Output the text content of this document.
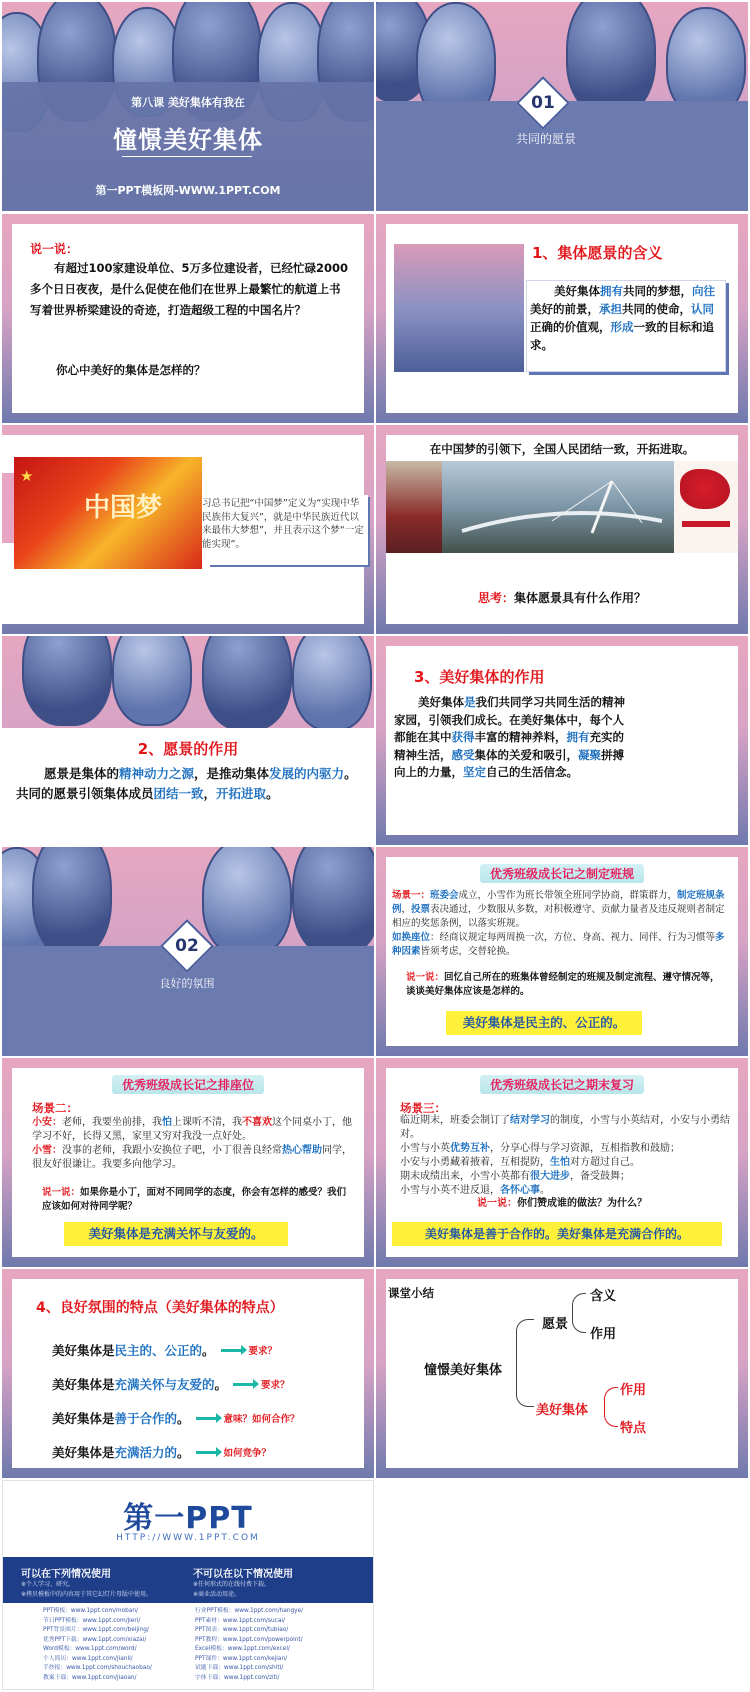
第八课 美好集体有我在
憧憬美好集体
第一PPT模板网-WWW.1PPT.COM
01
共同的愿景
说一说：
有超过100家建设单位、5万多位建设者，已经忙碌2000多个日日夜夜，是什么促使在他们在世界上最繁忙的航道上书写着世界桥梁建设的奇迹，打造超级工程的中国名片？
你心中美好的集体是怎样的？
1、集体愿景的含义
美好集体拥有共同的梦想，向往美好的前景，承担共同的使命，认同正确的价值观，形成一致的目标和追求。
★
中国梦	习总书记把“中国梦”定义为“实现中华民族伟大复兴”，就是中华民族近代以来最伟大梦想”，并且表示这个梦“一定能实现”。
在中国梦的引领下，全国人民团结一致，开拓进取。
思考：集体愿景具有什么作用？
2、愿景的作用
愿景是集体的精神动力之源，是推动集体发展的内驱力。共同的愿景引领集体成员团结一致，开拓进取。
3、美好集体的作用
美好集体是我们共同学习共同生活的精神家园，引领我们成长。在美好集体中，每个人都能在其中获得丰富的精神养料，拥有充实的精神生活，感受集体的关爱和吸引，凝聚拼搏向上的力量，坚定自己的生活信念。
02
良好的氛围
优秀班级成长记之制定班规
场景一：班委会成立，小雪作为班长带领全班同学协商，群策群力，制定班规条例，投票表决通过，少数服从多数，对积极遵守、贡献力量者及违反规则者制定相应的奖惩条例，以落实班规。
如换座位：经商议规定每两周换一次，方位、身高、视力、同伴、行为习惯等多种因素皆须考虑，交替轮换。
说一说：回忆自己所在的班集体曾经制定的班规及制定流程、遵守情况等，谈谈美好集体应该是怎样的。
美好集体是民主的、公正的。
优秀班级成长记之排座位
场景二：
小安：老师，我要坐前排，我怕上课听不清，我不喜欢这个同桌小丁，他学习不好，长得又黑，家里又穷对我没一点好处。
小雪：没事的老师，我跟小安换位子吧，小丁很善良经常热心帮助同学，很友好很谦让。我要多向他学习。
说一说：如果你是小丁，面对不同同学的态度，你会有怎样的感受？我们应该如何对待同学呢？
美好集体是充满关怀与友爱的。
优秀班级成长记之期末复习
场景三：
临近期末，班委会制订了结对学习的制度，小雪与小英结对，小安与小勇结对。
小雪与小英优势互补，分享心得与学习资源，互相指教和鼓励；
小安与小勇藏着掖着，互相提防，生怕对方超过自己。
期末成绩出来，小雪小英都有很大进步，备受鼓舞；
小雪与小英不进反退，各怀心事。
说一说：你们赞成谁的做法？为什么？
美好集体是善于合作的。美好集体是充满合作的。
4、良好氛围的特点（美好集体的特点）
美好集体是 民主的、公正的 。	要求？
美好集体是 充满关怀与友爱的 。	要求？
美好集体是 善于合作的 。	意味？如何合作？
美好集体是 充满活力的 。	如何竞争？
课堂小结
憧憬美好集体
愿景
含义
作用
美好集体
作用
特点
第一PPT
HTTP://WWW.1PPT.COM
可以在下列情况使用
※个人学习、研究。
※拷贝模板中的内容用于其它幻灯片母版中使用。
不可以在以下情况使用
※任何形式的在线付费下载。
※商业活动用途。
PPT模板：www.1ppt.com/moban/
节日PPT模板：www.1ppt.com/jieri/
PPT背景图片：www.1ppt.com/beijing/
优秀PPT下载：www.1ppt.com/xiazai/
Word模板：www.1ppt.com/word/
个人简历：www.1ppt.com/jianli/
手抄报：www.1ppt.com/shouchaobao/
教案下载：www.1ppt.com/jiaoan/
行业PPT模板：www.1ppt.com/hangye/
PPT素材：www.1ppt.com/sucai/
PPT图表：www.1ppt.com/tubiao/
PPT教程：www.1ppt.com/powerpoint/
Excel模板：www.1ppt.com/excel/
PPT课件：www.1ppt.com/kejian/
试题下载：www.1ppt.com/shiti/
字体下载：www.1ppt.com/ziti/
